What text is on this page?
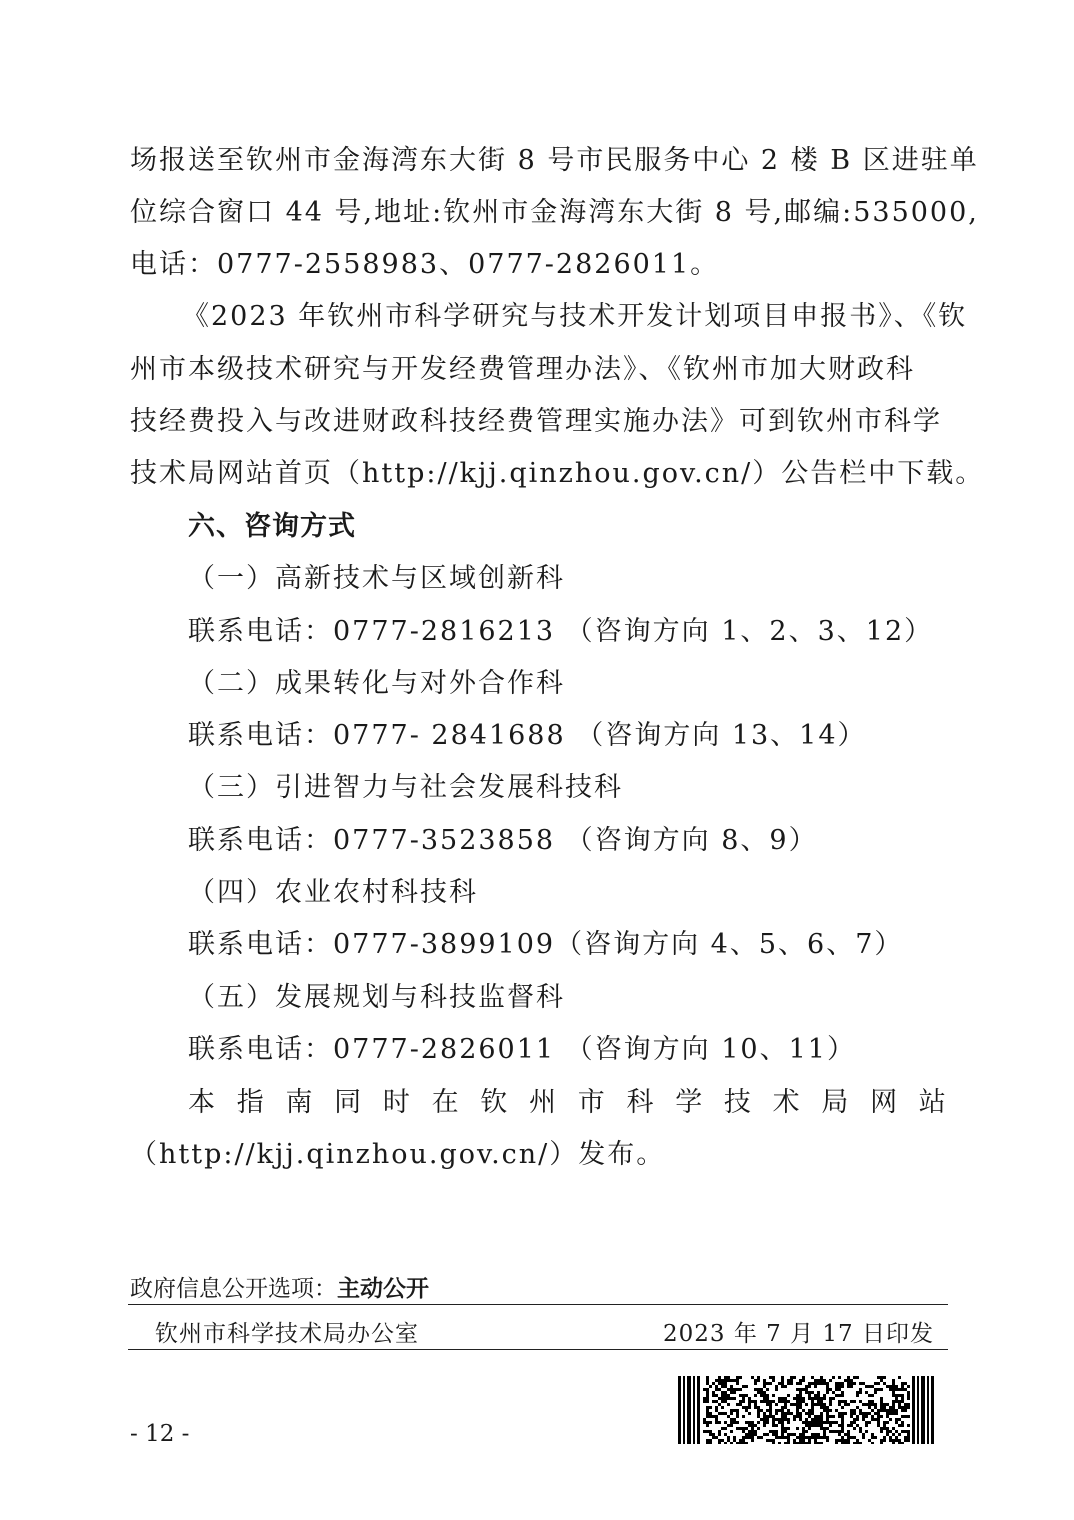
场报送至钦州市金海湾东大街 8 号市民服务中心 2 楼 B 区进驻单
位综合窗口 44 号,地址:钦州市金海湾东大街 8 号,邮编:535000,
电话：0777-2558983、0777-2826011。
《2023 年钦州市科学研究与技术开发计划项目申报书》、《钦
州市本级技术研究与开发经费管理办法》、《钦州市加大财政科
技经费投入与改进财政科技经费管理实施办法》可到钦州市科学
技术局网站首页（http://kjj.qinzhou.gov.cn/）公告栏中下载。
六、咨询方式
（一）高新技术与区域创新科
联系电话：0777-2816213 （咨询方向 1、2、3、12）
（二）成果转化与对外合作科
联系电话：0777- 2841688 （咨询方向 13、14）
（三）引进智力与社会发展科技科
联系电话：0777-3523858 （咨询方向 8、9）
（四）农业农村科技科
联系电话：0777-3899109（咨询方向 4、5、6、7）
（五）发展规划与科技监督科
联系电话：0777-2826011 （咨询方向 10、11）
本 指 南 同 时 在 钦 州 市 科 学 技 术 局 网 站
（http://kjj.qinzhou.gov.cn/）发布。
政府信息公开选项：主动公开
钦州市科学技术局办公室	2023 年 7 月 17 日印发
- 12 -
